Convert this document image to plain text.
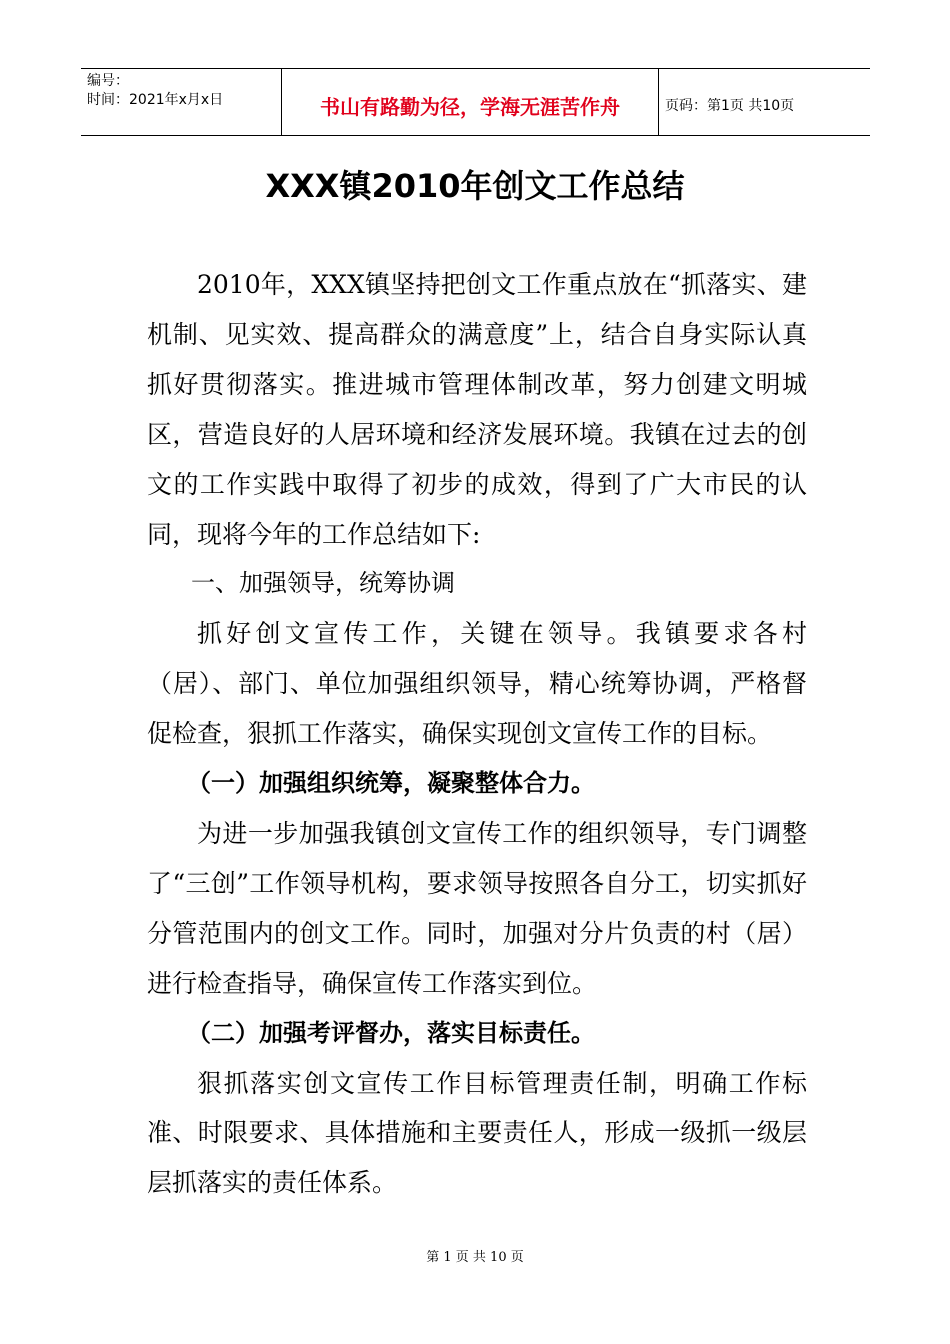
编号：
时间：2021年x月x日	书山有路勤为径，学海无涯苦作舟	页码：第1页 共10页
XXX镇2010年创文工作总结

2010年，XXX镇坚持把创文工作重点放在“抓落实、建机制、见实效、提高群众的满意度”上，结合自身实际认真抓好贯彻落实。推进城市管理体制改革，努力创建文明城区，营造良好的人居环境和经济发展环境。我镇在过去的创文的工作实践中取得了初步的成效，得到了广大市民的认同，现将今年的工作总结如下:

一、加强领导，统筹协调

抓好创文宣传工作，关键在领导。我镇要求各村（居）、部门、单位加强组织领导，精心统筹协调，严格督促检查，狠抓工作落实，确保实现创文宣传工作的目标。

（一）加强组织统筹，凝聚整体合力。

为进一步加强我镇创文宣传工作的组织领导，专门调整了“三创”工作领导机构，要求领导按照各自分工，切实抓好分管范围内的创文工作。同时，加强对分片负责的村（居）进行检查指导，确保宣传工作落实到位。

（二）加强考评督办，落实目标责任。

狠抓落实创文宣传工作目标管理责任制，明确工作标准、时限要求、具体措施和主要责任人，形成一级抓一级层层抓落实的责任体系。

第 1 页 共 10 页
